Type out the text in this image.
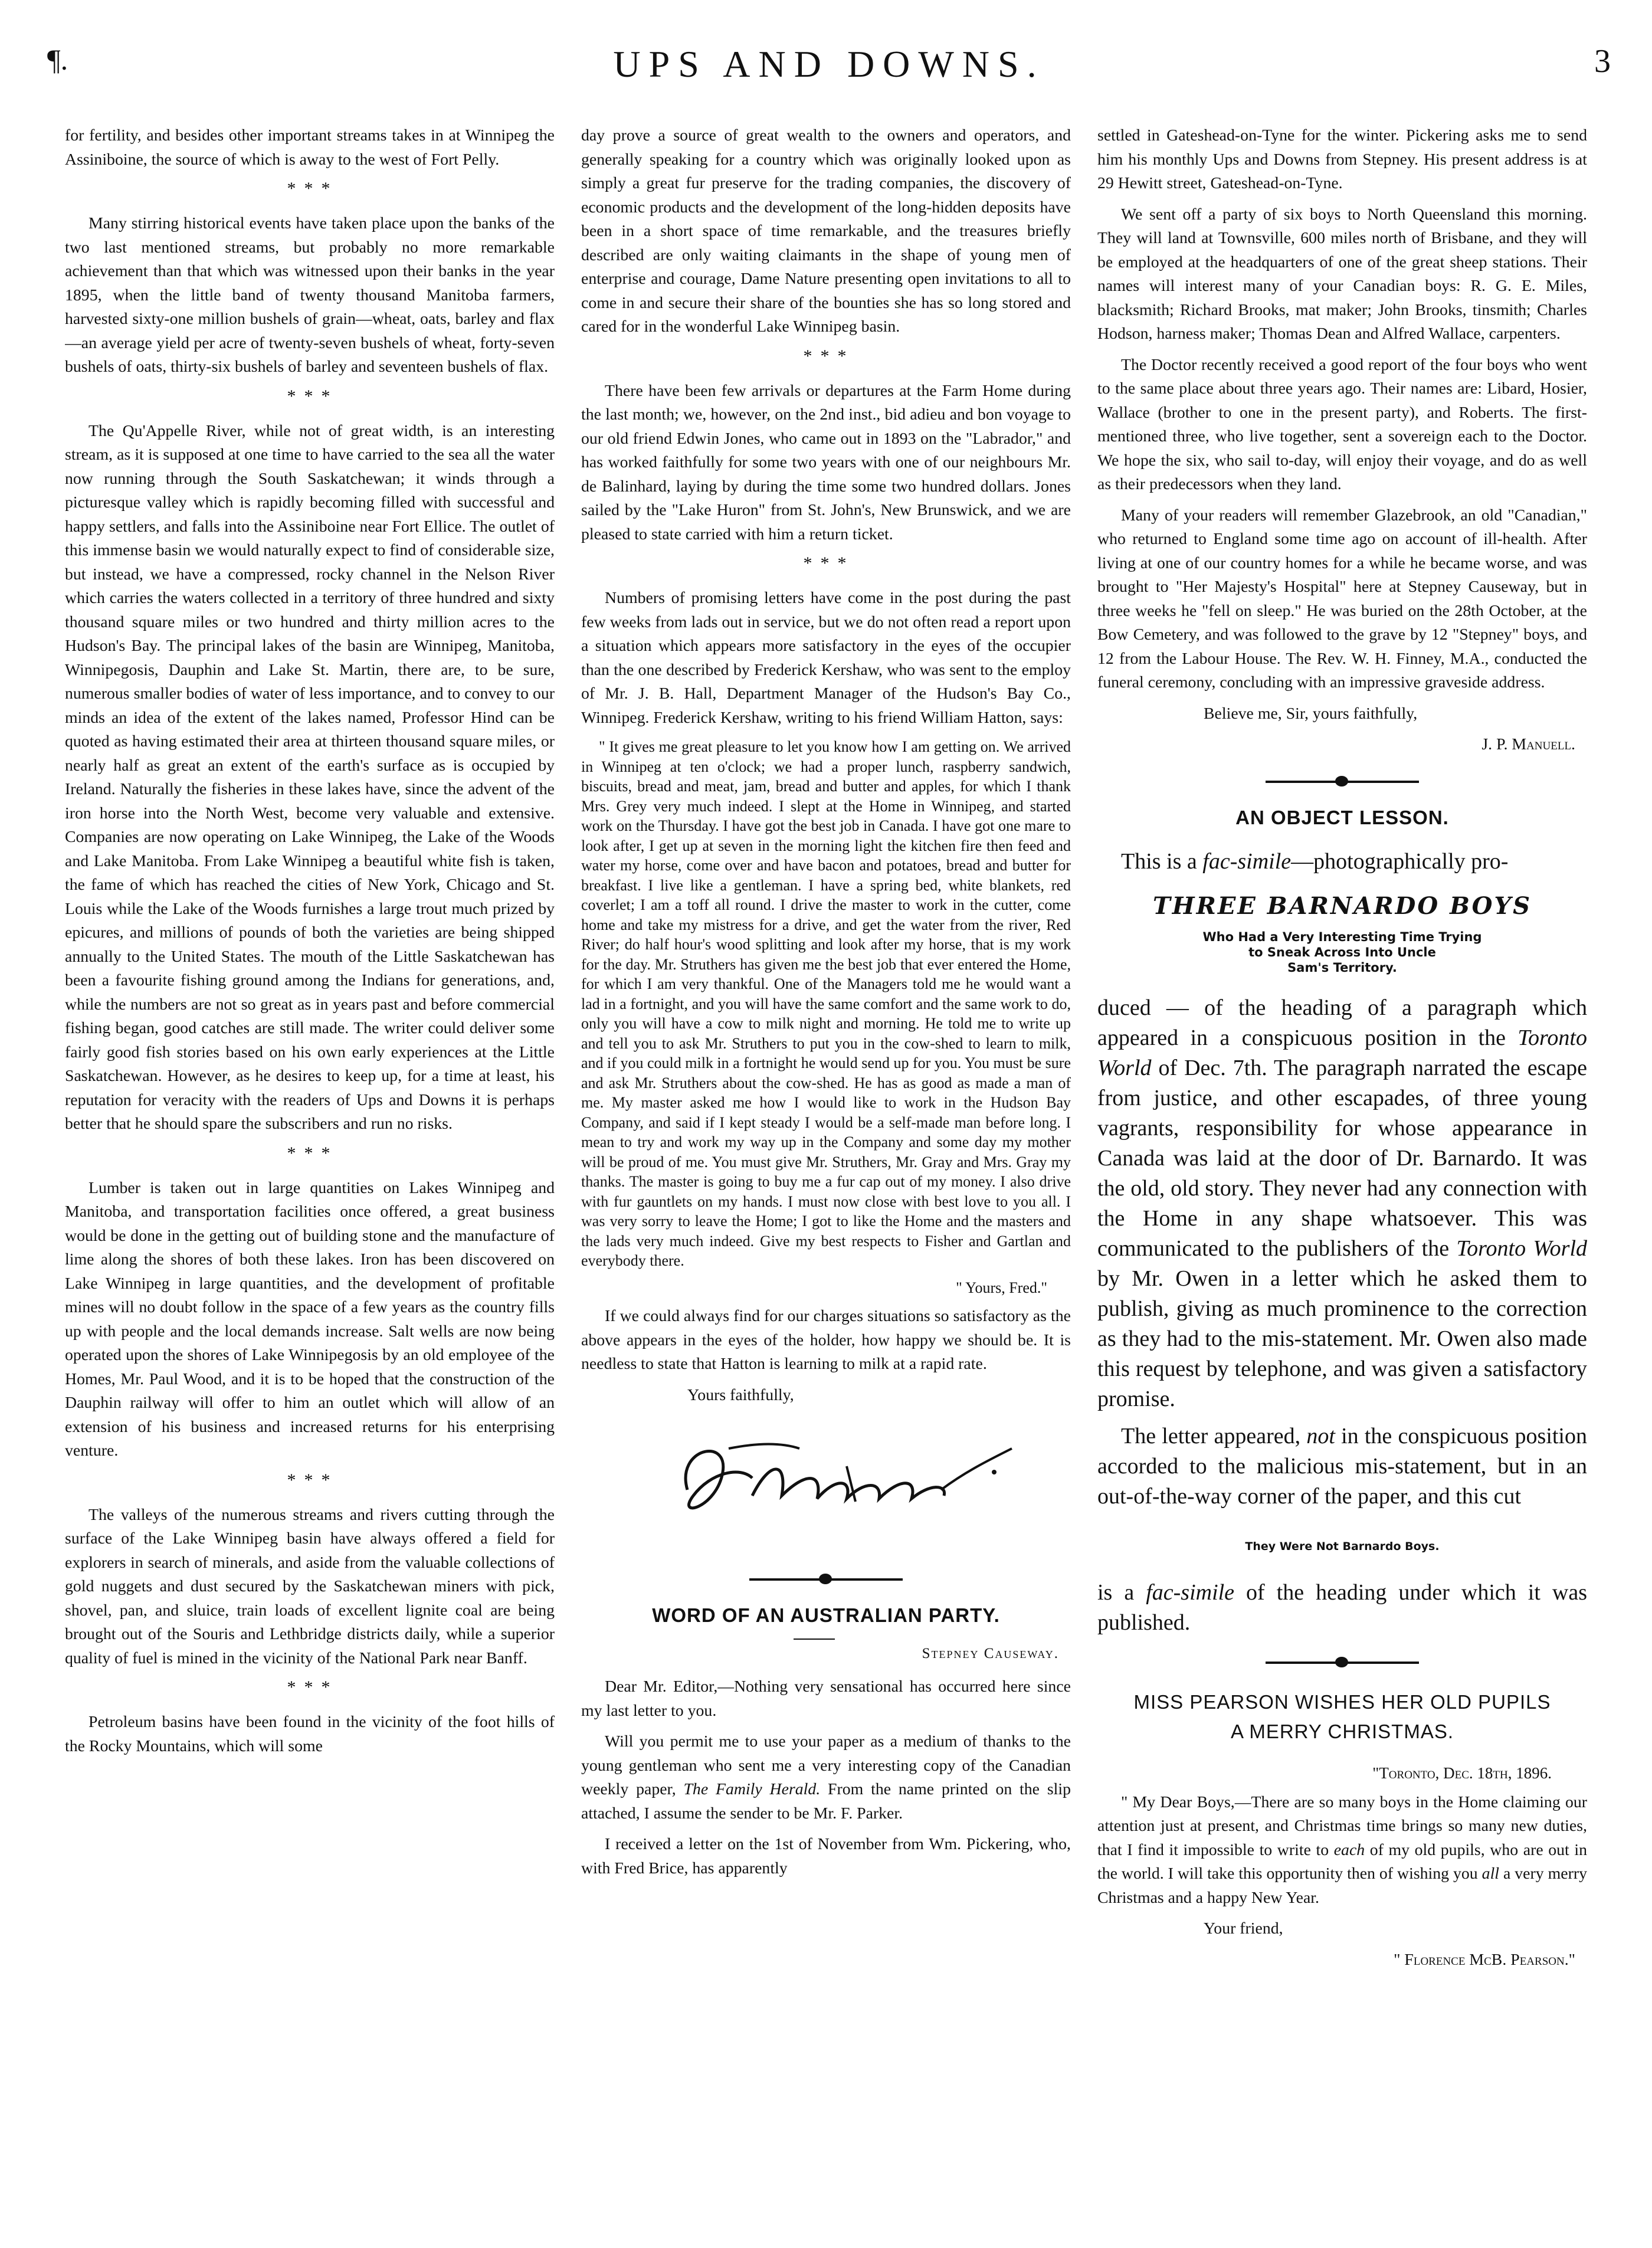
¶.	UPS AND DOWNS.	3

for fertility, and besides other important streams takes in at Winnipeg the Assiniboine, the source of which is away to the west of Fort Pelly.

* * *

Many stirring historical events have taken place upon the banks of the two last mentioned streams, but probably no more remarkable achievement than that which was witnessed upon their banks in the year 1895, when the little band of twenty thousand Manitoba farmers, harvested sixty-one million bushels of grain—wheat, oats, barley and flax—an average yield per acre of twenty-seven bushels of wheat, forty-seven bushels of oats, thirty-six bushels of barley and seventeen bushels of flax.

* * *

The Qu'Appelle River, while not of great width, is an interesting stream, as it is supposed at one time to have carried to the sea all the water now running through the South Saskatchewan; it winds through a picturesque valley which is rapidly becoming filled with successful and happy settlers, and falls into the Assiniboine near Fort Ellice. The outlet of this immense basin we would naturally expect to find of considerable size, but instead, we have a compressed, rocky channel in the Nelson River which carries the waters collected in a territory of three hundred and sixty thousand square miles or two hundred and thirty million acres to the Hudson's Bay. The principal lakes of the basin are Winnipeg, Manitoba, Winnipegosis, Dauphin and Lake St. Martin, there are, to be sure, numerous smaller bodies of water of less importance, and to convey to our minds an idea of the extent of the lakes named, Professor Hind can be quoted as having estimated their area at thirteen thousand square miles, or nearly half as great an extent of the earth's surface as is occupied by Ireland. Naturally the fisheries in these lakes have, since the advent of the iron horse into the North West, become very valuable and extensive. Companies are now operating on Lake Winnipeg, the Lake of the Woods and Lake Manitoba. From Lake Winnipeg a beautiful white fish is taken, the fame of which has reached the cities of New York, Chicago and St. Louis while the Lake of the Woods furnishes a large trout much prized by epicures, and millions of pounds of both the varieties are being shipped annually to the United States. The mouth of the Little Saskatchewan has been a favourite fishing ground among the Indians for generations, and, while the numbers are not so great as in years past and before commercial fishing began, good catches are still made. The writer could deliver some fairly good fish stories based on his own early experiences at the Little Saskatchewan. However, as he desires to keep up, for a time at least, his reputation for veracity with the readers of Ups and Downs it is perhaps better that he should spare the subscribers and run no risks.

* * *

Lumber is taken out in large quantities on Lakes Winnipeg and Manitoba, and transportation facilities once offered, a great business would be done in the getting out of building stone and the manufacture of lime along the shores of both these lakes. Iron has been discovered on Lake Winnipeg in large quantities, and the development of profitable mines will no doubt follow in the space of a few years as the country fills up with people and the local demands increase. Salt wells are now being operated upon the shores of Lake Winnipegosis by an old employee of the Homes, Mr. Paul Wood, and it is to be hoped that the construction of the Dauphin railway will offer to him an outlet which will allow of an extension of his business and increased returns for his enterprising venture.

* * *

The valleys of the numerous streams and rivers cutting through the surface of the Lake Winnipeg basin have always offered a field for explorers in search of minerals, and aside from the valuable collections of gold nuggets and dust secured by the Saskatchewan miners with pick, shovel, pan, and sluice, train loads of excellent lignite coal are being brought out of the Souris and Lethbridge districts daily, while a superior quality of fuel is mined in the vicinity of the National Park near Banff.

* * *

Petroleum basins have been found in the vicinity of the foot hills of the Rocky Mountains, which will some

day prove a source of great wealth to the owners and operators, and generally speaking for a country which was originally looked upon as simply a great fur preserve for the trading companies, the discovery of economic products and the development of the long-hidden deposits have been in a short space of time remarkable, and the treasures briefly described are only waiting claimants in the shape of young men of enterprise and courage, Dame Nature presenting open invitations to all to come in and secure their share of the bounties she has so long stored and cared for in the wonderful Lake Winnipeg basin.

* * *

There have been few arrivals or departures at the Farm Home during the last month; we, however, on the 2nd inst., bid adieu and bon voyage to our old friend Edwin Jones, who came out in 1893 on the "Labrador," and has worked faithfully for some two years with one of our neighbours Mr. de Balinhard, laying by during the time some two hundred dollars. Jones sailed by the "Lake Huron" from St. John's, New Brunswick, and we are pleased to state carried with him a return ticket.

* * *

Numbers of promising letters have come in the post during the past few weeks from lads out in service, but we do not often read a report upon a situation which appears more satisfactory in the eyes of the occupier than the one described by Frederick Kershaw, who was sent to the employ of Mr. J. B. Hall, Department Manager of the Hudson's Bay Co., Winnipeg. Frederick Kershaw, writing to his friend William Hatton, says:

" It gives me great pleasure to let you know how I am getting on. We arrived in Winnipeg at ten o'clock; we had a proper lunch, raspberry sandwich, biscuits, bread and meat, jam, bread and butter and apples, for which I thank Mrs. Grey very much indeed. I slept at the Home in Winnipeg, and started work on the Thursday. I have got the best job in Canada. I have got one mare to look after, I get up at seven in the morning light the kitchen fire then feed and water my horse, come over and have bacon and potatoes, bread and butter for breakfast. I live like a gentleman. I have a spring bed, white blankets, red coverlet; I am a toff all round. I drive the master to work in the cutter, come home and take my mistress for a drive, and get the water from the river, Red River; do half hour's wood splitting and look after my horse, that is my work for the day. Mr. Struthers has given me the best job that ever entered the Home, for which I am very thankful. One of the Managers told me he would want a lad in a fortnight, and you will have the same comfort and the same work to do, only you will have a cow to milk night and morning. He told me to write up and tell you to ask Mr. Struthers to put you in the cow-shed to learn to milk, and if you could milk in a fortnight he would send up for you. You must be sure and ask Mr. Struthers about the cow-shed. He has as good as made a man of me. My master asked me how I would like to work in the Hudson Bay Company, and said if I kept steady I would be a self-made man before long. I mean to try and work my way up in the Company and some day my mother will be proud of me. You must give Mr. Struthers, Mr. Gray and Mrs. Gray my thanks. The master is going to buy me a fur cap out of my money. I also drive with fur gauntlets on my hands. I must now close with best love to you all. I was very sorry to leave the Home; I got to like the Home and the masters and the lads very much indeed. Give my best respects to Fisher and Gartlan and everybody there.

" Yours, Fred."

If we could always find for our charges situations so satisfactory as the above appears in the eyes of the holder, how happy we should be. It is needless to state that Hatton is learning to milk at a rapid rate.

Yours faithfully,

WORD OF AN AUSTRALIAN PARTY.
Stepney Causeway.

Dear Mr. Editor,—Nothing very sensational has occurred here since my last letter to you.

Will you permit me to use your paper as a medium of thanks to the young gentleman who sent me a very interesting copy of the Canadian weekly paper, The Family Herald. From the name printed on the slip attached, I assume the sender to be Mr. F. Parker.

I received a letter on the 1st of November from Wm. Pickering, who, with Fred Brice, has apparently

settled in Gateshead-on-Tyne for the winter. Pickering asks me to send him his monthly Ups and Downs from Stepney. His present address is at 29 Hewitt street, Gateshead-on-Tyne.

We sent off a party of six boys to North Queensland this morning. They will land at Townsville, 600 miles north of Brisbane, and they will be employed at the headquarters of one of the great sheep stations. Their names will interest many of your Canadian boys: R. G. E. Miles, blacksmith; Richard Brooks, mat maker; John Brooks, tinsmith; Charles Hodson, harness maker; Thomas Dean and Alfred Wallace, carpenters.

The Doctor recently received a good report of the four boys who went to the same place about three years ago. Their names are: Libard, Hosier, Wallace (brother to one in the present party), and Roberts. The first-mentioned three, who live together, sent a sovereign each to the Doctor. We hope the six, who sail to-day, will enjoy their voyage, and do as well as their predecessors when they land.

Many of your readers will remember Glazebrook, an old "Canadian," who returned to England some time ago on account of ill-health. After living at one of our country homes for a while he became worse, and was brought to "Her Majesty's Hospital" here at Stepney Causeway, but in three weeks he "fell on sleep." He was buried on the 28th October, at the Bow Cemetery, and was followed to the grave by 12 "Stepney" boys, and 12 from the Labour House. The Rev. W. H. Finney, M.A., conducted the funeral ceremony, concluding with an impressive graveside address.

Believe me, Sir, yours faithfully,

J. P. Manuell.

AN OBJECT LESSON.

This is a fac-simile—photographically pro-

THREE BARNARDO BOYS
Who Had a Very Interesting Time Trying
to Sneak Across Into Uncle
Sam's Territory.

duced — of the heading of a paragraph which appeared in a conspicuous position in the Toronto World of Dec. 7th. The paragraph narrated the escape from justice, and other escapades, of three young vagrants, responsibility for whose appearance in Canada was laid at the door of Dr. Barnardo. It was the old, old story. They never had any connection with the Home in any shape whatsoever. This was communicated to the publishers of the Toronto World by Mr. Owen in a letter which he asked them to publish, giving as much prominence to the correction as they had to the mis-statement. Mr. Owen also made this request by telephone, and was given a satisfactory promise.

The letter appeared, not in the conspicuous position accorded to the malicious mis-statement, but in an out-of-the-way corner of the paper, and this cut

They Were Not Barnardo Boys.

is a fac-simile of the heading under which it was published.

MISS PEARSON WISHES HER OLD PUPILS
A MERRY CHRISTMAS.
"Toronto, Dec. 18th, 1896.

" My Dear Boys,—There are so many boys in the Home claiming our attention just at present, and Christmas time brings so many new duties, that I find it impossible to write to each of my old pupils, who are out in the world. I will take this opportunity then of wishing you all a very merry Christmas and a happy New Year.

Your friend,

" Florence McB. Pearson."
